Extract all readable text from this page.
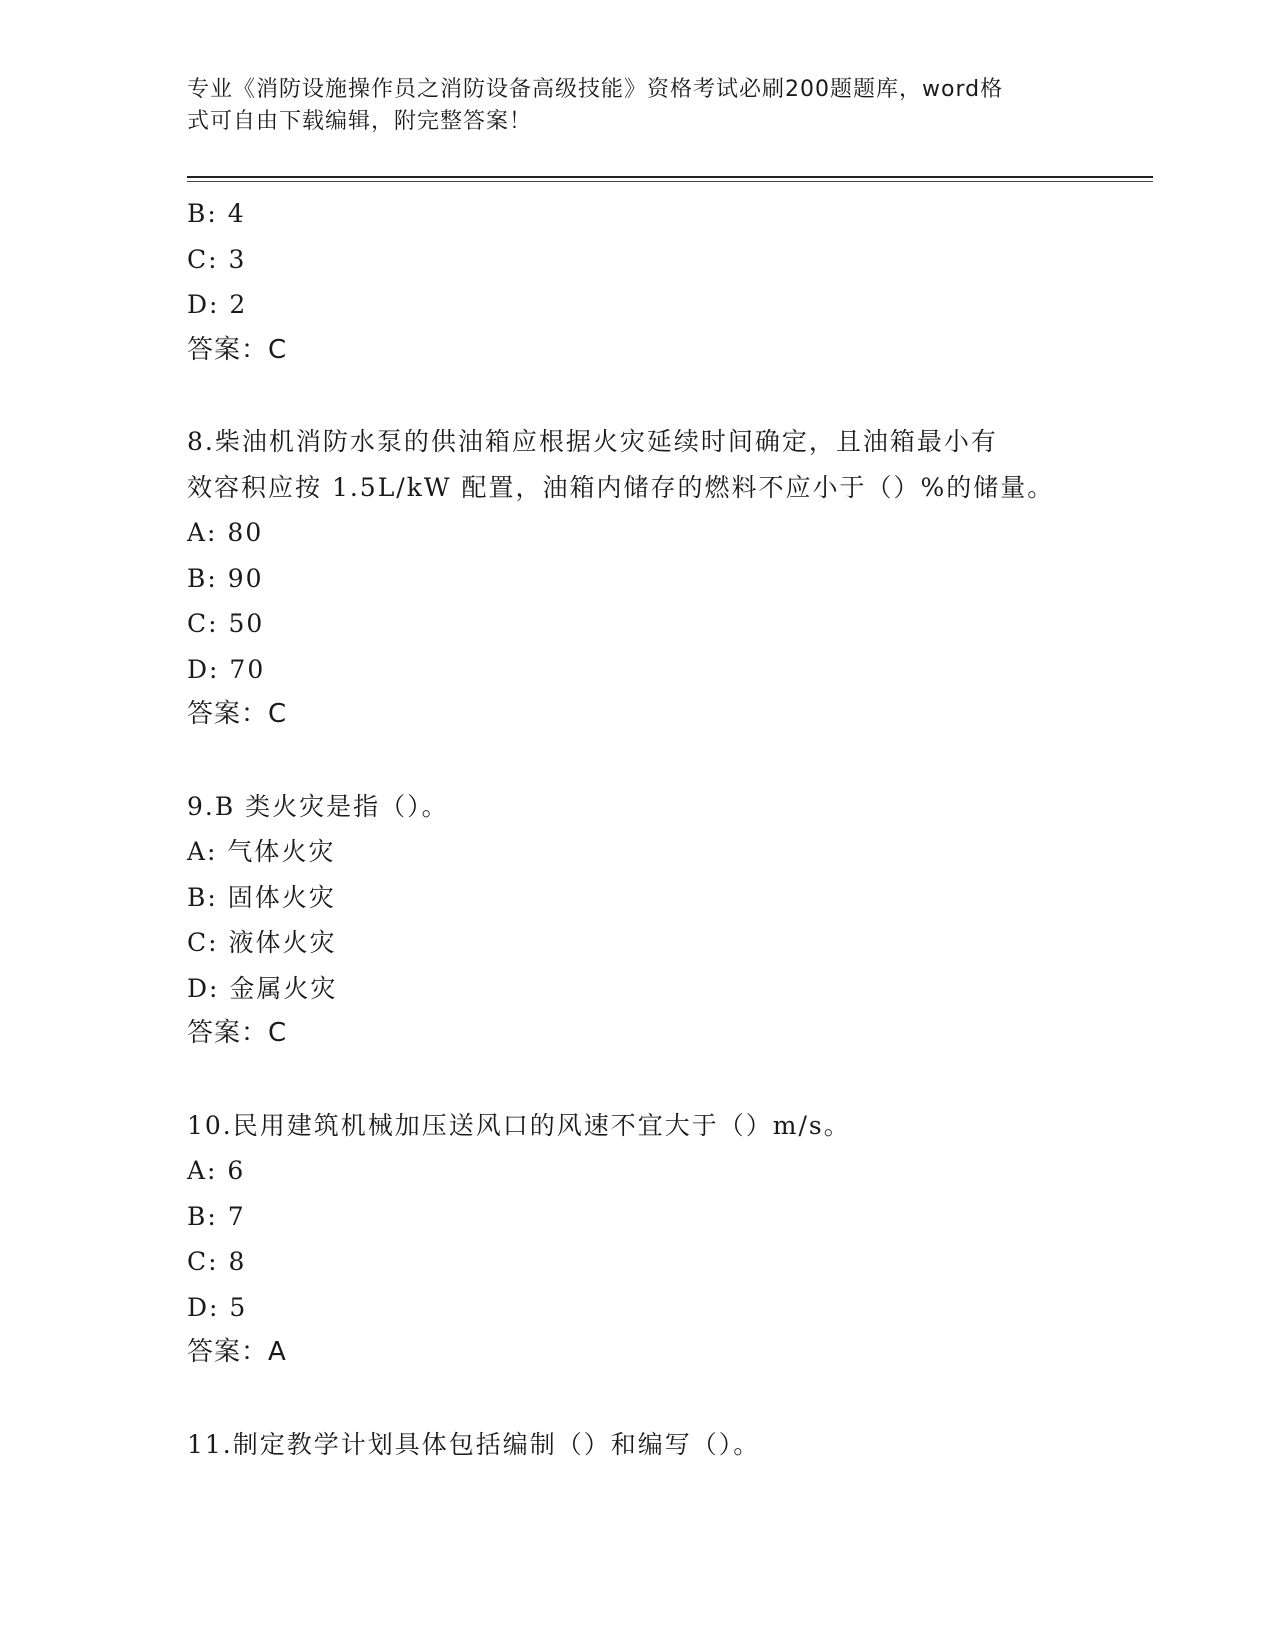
专业《消防设施操作员之消防设备高级技能》资格考试必刷200题题库，word格
式可自由下载编辑，附完整答案！
B: 4
C: 3
D: 2
答案：C
8.柴油机消防水泵的供油箱应根据火灾延续时间确定，且油箱最小有
效容积应按 1.5L/kW 配置，油箱内储存的燃料不应小于（）%的储量。
A: 80
B: 90
C: 50
D: 70
答案：C
9.B 类火灾是指（）。
A: 气体火灾
B: 固体火灾
C: 液体火灾
D: 金属火灾
答案：C
10.民用建筑机械加压送风口的风速不宜大于（）m/s。
A: 6
B: 7
C: 8
D: 5
答案：A
11.制定教学计划具体包括编制（）和编写（）。
